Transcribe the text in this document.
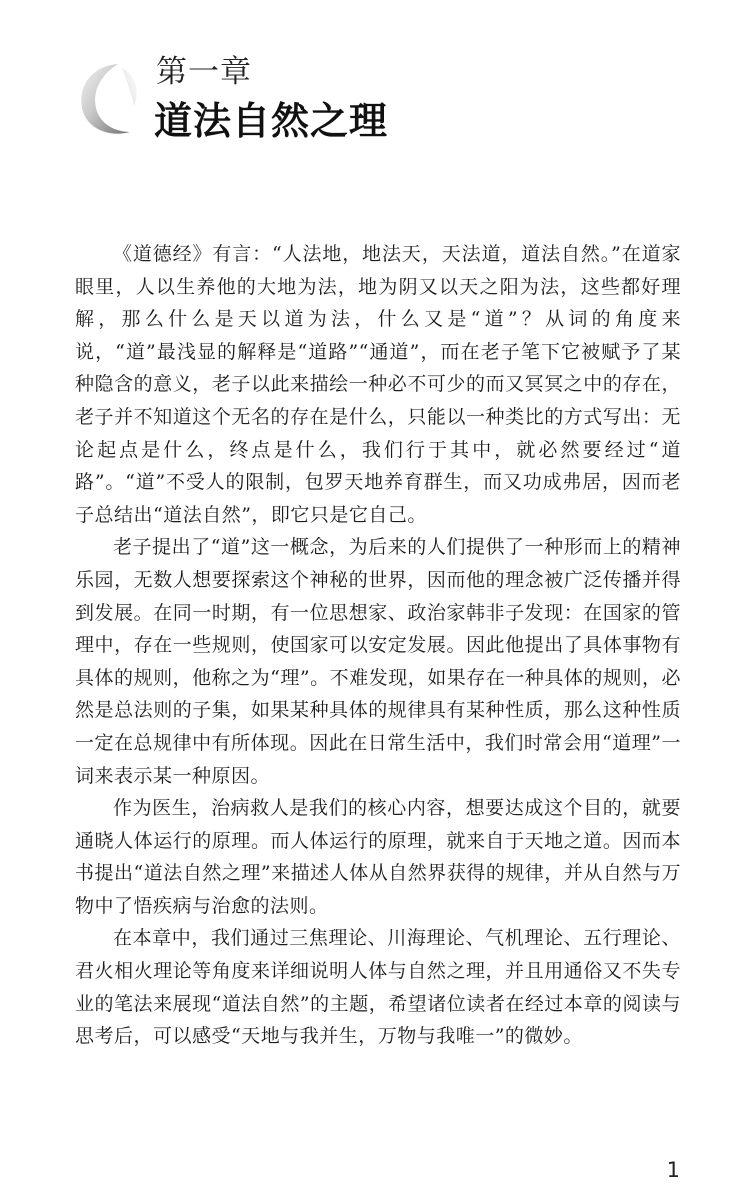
第一章
道法自然之理

《道德经》有言：“人法地，地法天，天法道，道法自然。”在道家眼里，人以生养他的大地为法，地为阴又以天之阳为法，这些都好理解，那么什么是天以道为法，什么又是“道”？从词的角度来说，“道”最浅显的解释是“道路”“通道”，而在老子笔下它被赋予了某种隐含的意义，老子以此来描绘一种必不可少的而又冥冥之中的存在，老子并不知道这个无名的存在是什么，只能以一种类比的方式写出：无论起点是什么，终点是什么，我们行于其中，就必然要经过“道路”。“道”不受人的限制，包罗天地养育群生，而又功成弗居，因而老子总结出“道法自然”，即它只是它自己。

老子提出了“道”这一概念，为后来的人们提供了一种形而上的精神乐园，无数人想要探索这个神秘的世界，因而他的理念被广泛传播并得到发展。在同一时期，有一位思想家、政治家韩非子发现：在国家的管理中，存在一些规则，使国家可以安定发展。因此他提出了具体事物有具体的规则，他称之为“理”。不难发现，如果存在一种具体的规则，必然是总法则的子集，如果某种具体的规律具有某种性质，那么这种性质一定在总规律中有所体现。因此在日常生活中，我们时常会用“道理”一词来表示某一种原因。

作为医生，治病救人是我们的核心内容，想要达成这个目的，就要通晓人体运行的原理。而人体运行的原理，就来自于天地之道。因而本书提出“道法自然之理”来描述人体从自然界获得的规律，并从自然与万物中了悟疾病与治愈的法则。

在本章中，我们通过三焦理论、川海理论、气机理论、五行理论、君火相火理论等角度来详细说明人体与自然之理，并且用通俗又不失专业的笔法来展现“道法自然”的主题，希望诸位读者在经过本章的阅读与思考后，可以感受“天地与我并生，万物与我唯一”的微妙。

1
